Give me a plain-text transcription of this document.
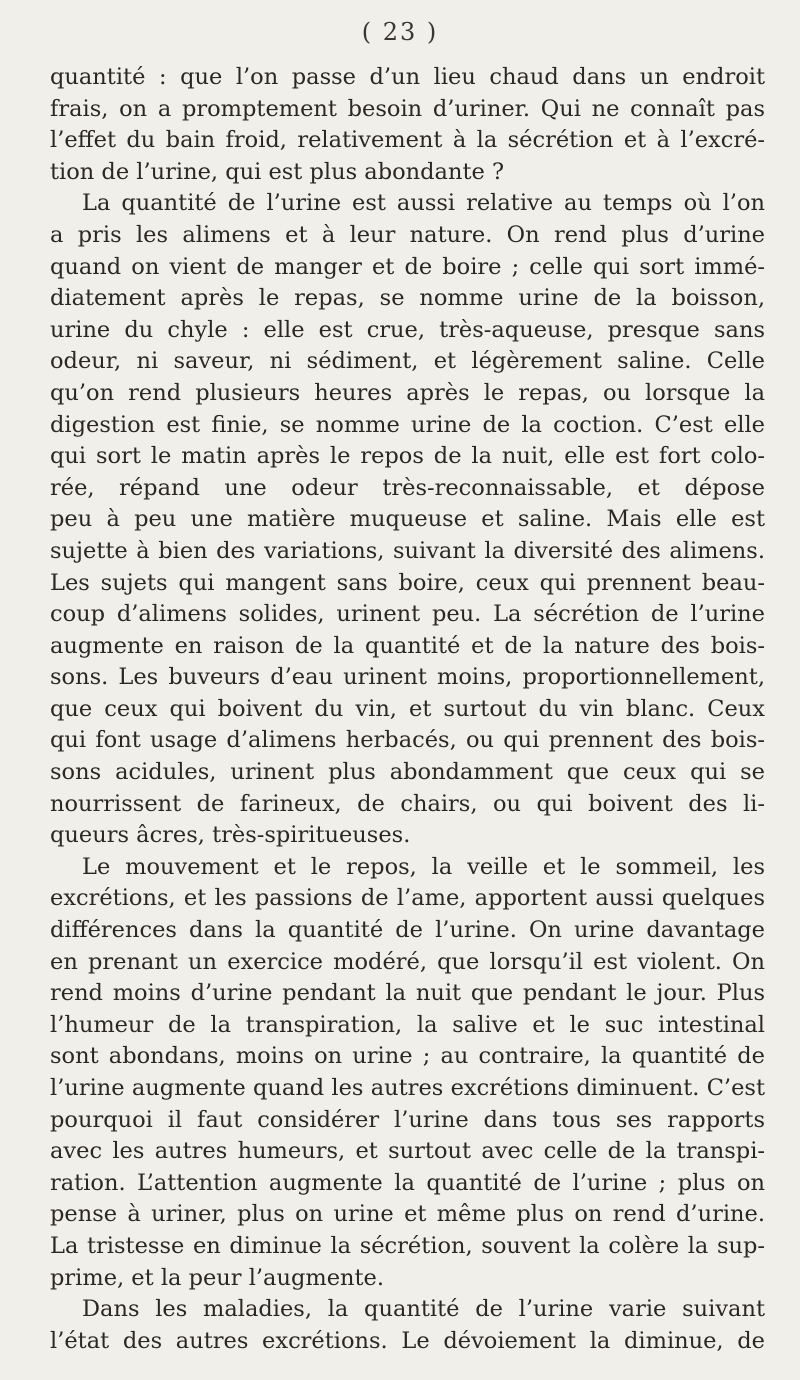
( 23 )
quantité : que l’on passe d’un lieu chaud dans un endroit
frais, on a promptement besoin d’uriner. Qui ne connaît pas
l’effet du bain froid, relativement à la sécrétion et à l’excré-
tion de l’urine, qui est plus abondante ?
La quantité de l’urine est aussi relative au temps où l’on
a pris les alimens et à leur nature. On rend plus d’urine
quand on vient de manger et de boire ; celle qui sort immé-
diatement après le repas, se nomme urine de la boisson,
urine du chyle : elle est crue, très-aqueuse, presque sans
odeur, ni saveur, ni sédiment, et légèrement saline. Celle
qu’on rend plusieurs heures après le repas, ou lorsque la
digestion est finie, se nomme urine de la coction. C’est elle
qui sort le matin après le repos de la nuit, elle est fort colo-
rée, répand une odeur très-reconnaissable, et dépose
peu à peu une matière muqueuse et saline. Mais elle est
sujette à bien des variations, suivant la diversité des alimens.
Les sujets qui mangent sans boire, ceux qui prennent beau-
coup d’alimens solides, urinent peu. La sécrétion de l’urine
augmente en raison de la quantité et de la nature des bois-
sons. Les buveurs d’eau urinent moins, proportionnellement,
que ceux qui boivent du vin, et surtout du vin blanc. Ceux
qui font usage d’alimens herbacés, ou qui prennent des bois-
sons acidules, urinent plus abondamment que ceux qui se
nourrissent de farineux, de chairs, ou qui boivent des li-
queurs âcres, très-spiritueuses.
Le mouvement et le repos, la veille et le sommeil, les
excrétions, et les passions de l’ame, apportent aussi quelques
différences dans la quantité de l’urine. On urine davantage
en prenant un exercice modéré, que lorsqu’il est violent. On
rend moins d’urine pendant la nuit que pendant le jour. Plus
l’humeur de la transpiration, la salive et le suc intestinal
sont abondans, moins on urine ; au contraire, la quantité de
l’urine augmente quand les autres excrétions diminuent. C’est
pourquoi il faut considérer l’urine dans tous ses rapports
avec les autres humeurs, et surtout avec celle de la transpi-
ration. L’attention augmente la quantité de l’urine ; plus on
pense à uriner, plus on urine et même plus on rend d’urine.
La tristesse en diminue la sécrétion, souvent la colère la sup-
prime, et la peur l’augmente.
Dans les maladies, la quantité de l’urine varie suivant
l’état des autres excrétions. Le dévoiement la diminue, de
